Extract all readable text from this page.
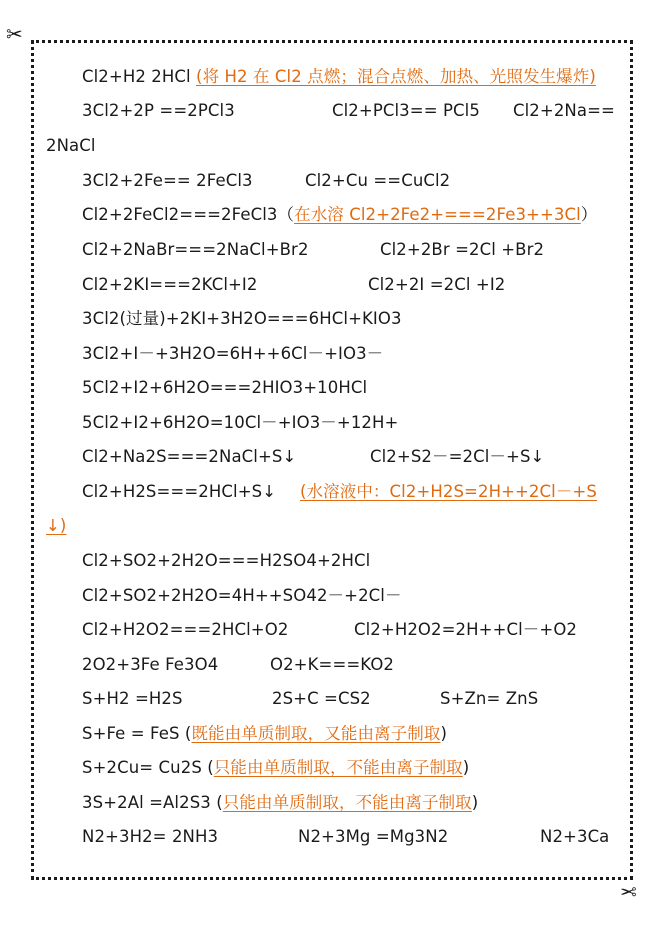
✂
✂
Cl2+H2 2HCl (将 H2 在 Cl2 点燃；混合点燃、加热、光照发生爆炸)
3Cl2+2P ==2PCl3	Cl2+PCl3== PCl5 Cl2+2Na==
2NaCl
3Cl2+2Fe== 2FeCl3	Cl2+Cu ==CuCl2
Cl2+2FeCl2===2FeCl3（在水溶 Cl2+2Fe2+===2Fe3++3Cl）
Cl2+2NaBr===2NaCl+Br2	Cl2+2Br =2Cl +Br2
Cl2+2KI===2KCl+I2	Cl2+2I =2Cl +I2
3Cl2(过量)+2KI+3H2O===6HCl+KIO3
3Cl2+I－+3H2O=6H++6Cl－+IO3－
5Cl2+I2+6H2O===2HIO3+10HCl
5Cl2+I2+6H2O=10Cl－+IO3－+12H+
Cl2+Na2S===2NaCl+S↓	Cl2+S2－=2Cl－+S↓
Cl2+H2S===2HCl+S↓ (水溶液中：Cl2+H2S=2H++2Cl－+S
↓)
Cl2+SO2+2H2O===H2SO4+2HCl
Cl2+SO2+2H2O=4H++SO42－+2Cl－
Cl2+H2O2===2HCl+O2	Cl2+H2O2=2H++Cl－+O2
2O2+3Fe Fe3O4	O2+K===KO2
S+H2 =H2S	2S+C =CS2	S+Zn= ZnS
S+Fe = FeS (既能由单质制取，又能由离子制取)
S+2Cu= Cu2S (只能由单质制取，不能由离子制取)
3S+2Al =Al2S3 (只能由单质制取，不能由离子制取)
N2+3H2= 2NH3	N2+3Mg =Mg3N2	N2+3Ca
